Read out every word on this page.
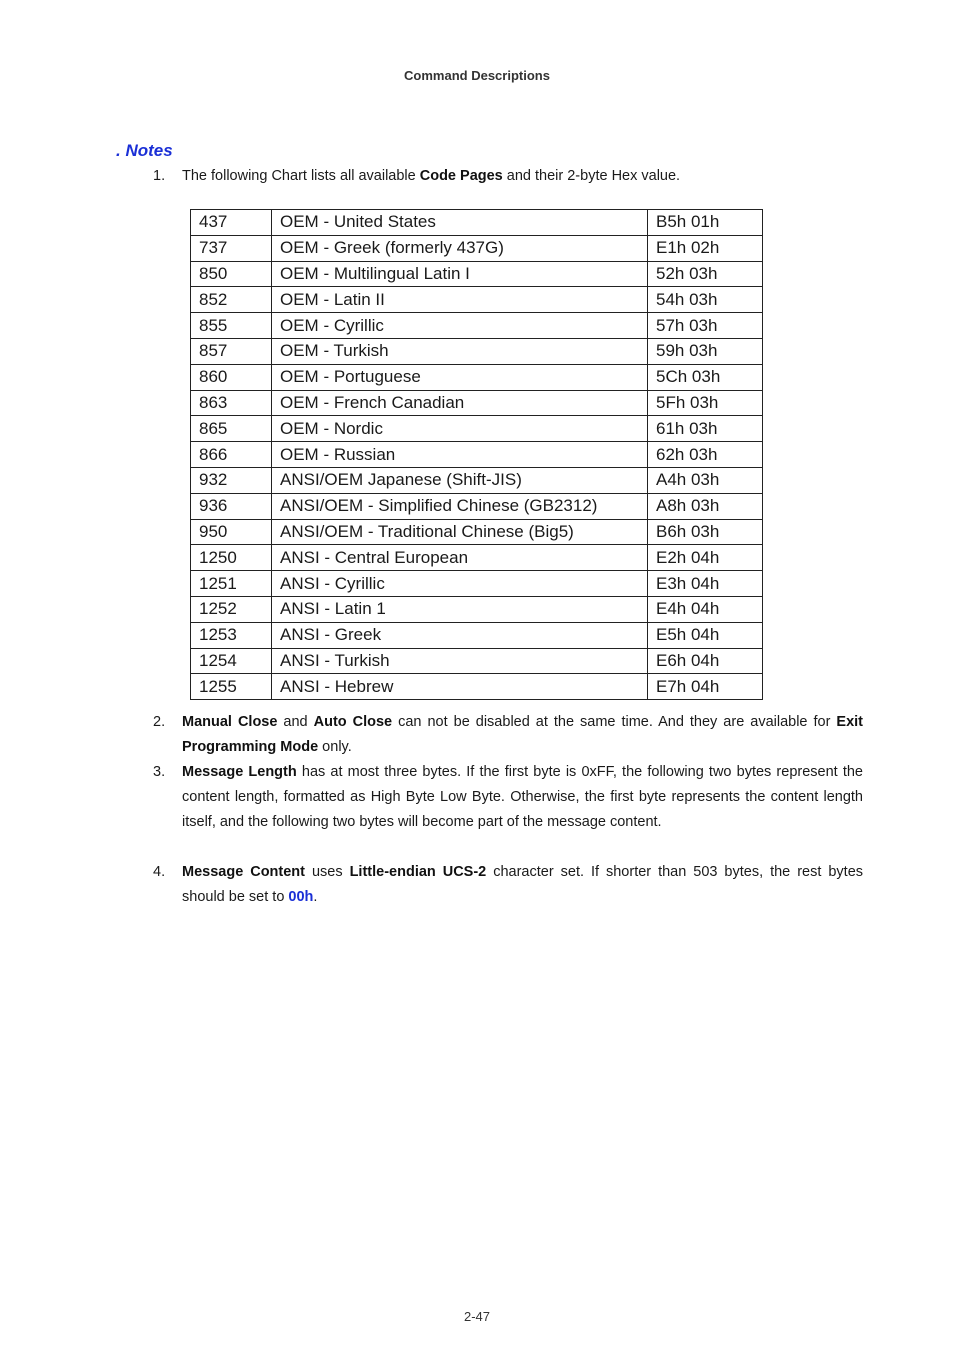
Command Descriptions
. Notes
1. The following Chart lists all available Code Pages and their 2-byte Hex value.
437	OEM - United States	B5h 01h
737	OEM - Greek (formerly 437G)	E1h 02h
850	OEM - Multilingual Latin I	52h 03h
852	OEM - Latin II	54h 03h
855	OEM - Cyrillic	57h 03h
857	OEM - Turkish	59h 03h
860	OEM - Portuguese	5Ch 03h
863	OEM - French Canadian	5Fh 03h
865	OEM - Nordic	61h 03h
866	OEM - Russian	62h 03h
932	ANSI/OEM Japanese (Shift-JIS)	A4h 03h
936	ANSI/OEM - Simplified Chinese (GB2312)	A8h 03h
950	ANSI/OEM - Traditional Chinese (Big5)	B6h 03h
1250	ANSI - Central European	E2h 04h
1251	ANSI - Cyrillic	E3h 04h
1252	ANSI - Latin 1	E4h 04h
1253	ANSI - Greek	E5h 04h
1254	ANSI - Turkish	E6h 04h
1255	ANSI - Hebrew	E7h 04h
2. Manual Close and Auto Close can not be disabled at the same time. And they are available for Exit Programming Mode only.
3. Message Length has at most three bytes. If the first byte is 0xFF, the following two bytes represent the content length, formatted as High Byte Low Byte. Otherwise, the first byte represents the content length itself, and the following two bytes will become part of the message content.
4. Message Content uses Little-endian UCS-2 character set. If shorter than 503 bytes, the rest bytes should be set to 00h.
2-47
